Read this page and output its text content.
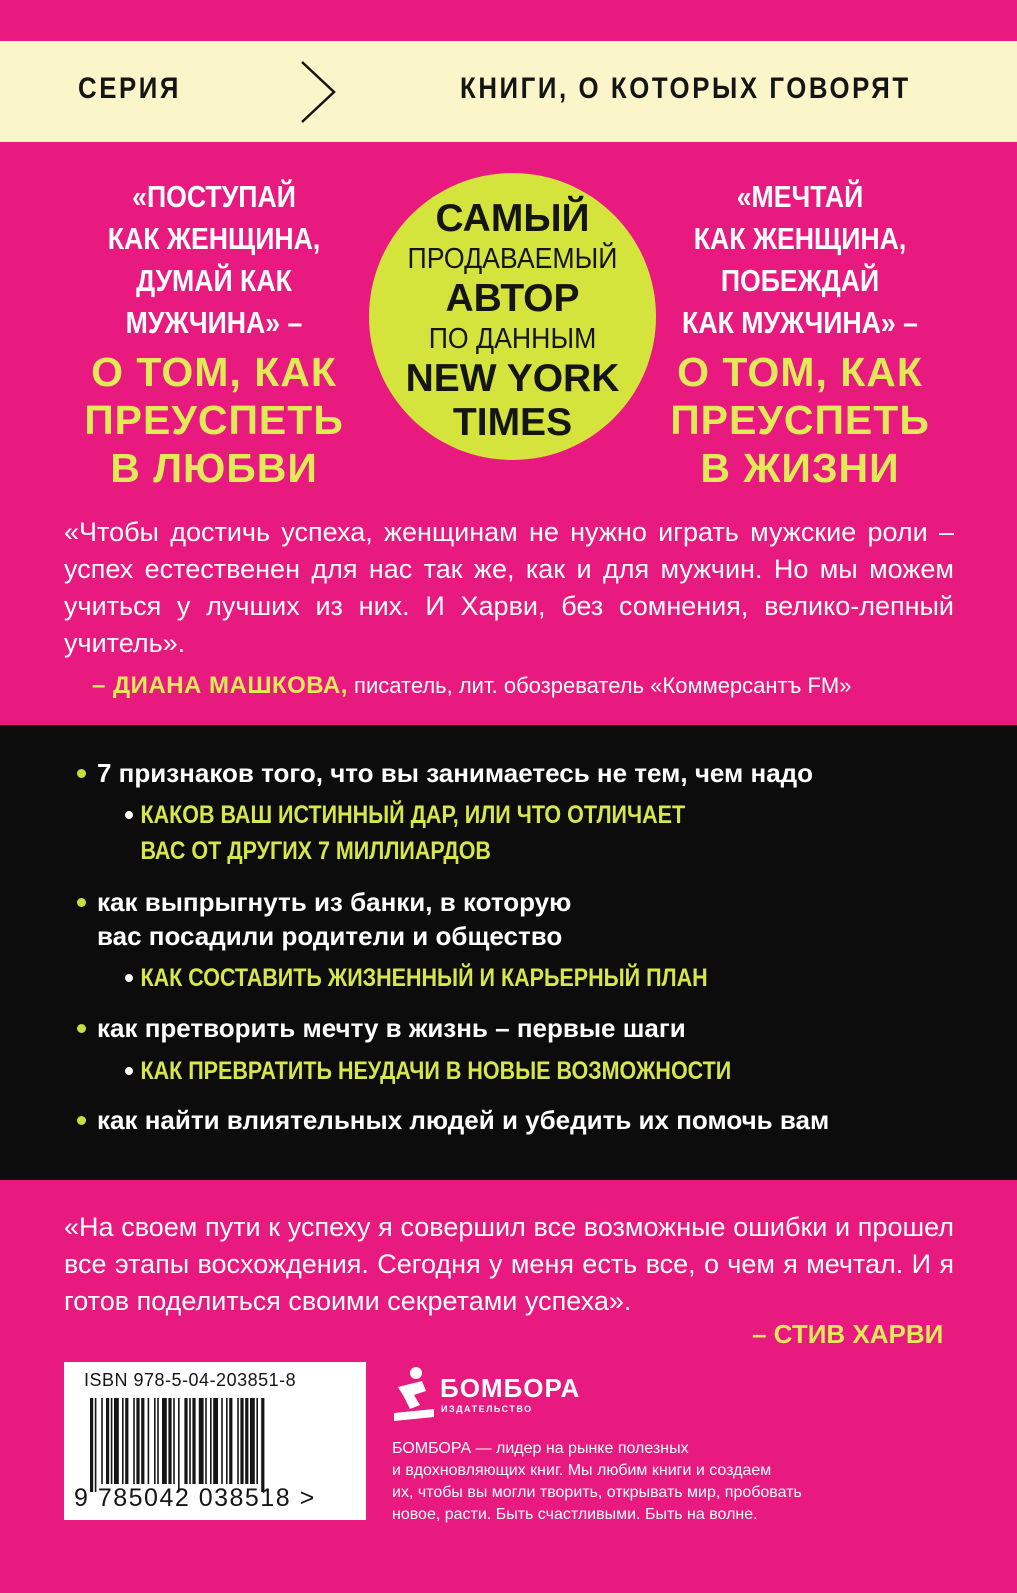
СЕРИЯ	КНИГИ, О КОТОРЫХ ГОВОРЯТ
«ПОСТУПАЙ
КАК ЖЕНЩИНА,
ДУМАЙ КАК
МУЖЧИНА» –
О ТОМ, КАК
ПРЕУСПЕТЬ
В ЛЮБВИ
САМЫЙ
ПРОДАВАЕМЫЙ
АВТОР
ПО ДАННЫМ
NEW YORK
TIMES
«МЕЧТАЙ
КАК ЖЕНЩИНА,
ПОБЕЖДАЙ
КАК МУЖЧИНА» –
О ТОМ, КАК
ПРЕУСПЕТЬ
В ЖИЗНИ
«Чтобы достичь успеха, женщинам не нужно играть мужские роли – успех естественен для нас так же, как и для мужчин. Но мы можем учиться у лучших из них. И Харви, без сомнения, велико-лепный учитель».
– ДИАНА МАШКОВА, писатель, лит. обозреватель «Коммерсантъ FM»
7 признаков того, что вы занимаетесь не тем, чем надо
КАКОВ ВАШ ИСТИННЫЙ ДАР, ИЛИ ЧТО ОТЛИЧАЕТ
ВАС ОТ ДРУГИХ 7 МИЛЛИАРДОВ
как выпрыгнуть из банки, в которую
вас посадили родители и общество
КАК СОСТАВИТЬ ЖИЗНЕННЫЙ И КАРЬЕРНЫЙ ПЛАН
как претворить мечту в жизнь – первые шаги
КАК ПРЕВРАТИТЬ НЕУДАЧИ В НОВЫЕ ВОЗМОЖНОСТИ
как найти влиятельных людей и убедить их помочь вам
«На своем пути к успеху я совершил все возможные ошибки и прошел все этапы восхождения. Сегодня у меня есть все, о чем я мечтал. И я готов поделиться своими секретами успеха».
– СТИВ ХАРВИ
ISBN 978-5-04-203851-8
9 785042 038518 >
БОМБОРА
ИЗДАТЕЛЬСТВО
БОМБОРА — лидер на рынке полезных
и вдохновляющих книг. Мы любим книги и создаем
их, чтобы вы могли творить, открывать мир, пробовать
новое, расти. Быть счастливыми. Быть на волне.
